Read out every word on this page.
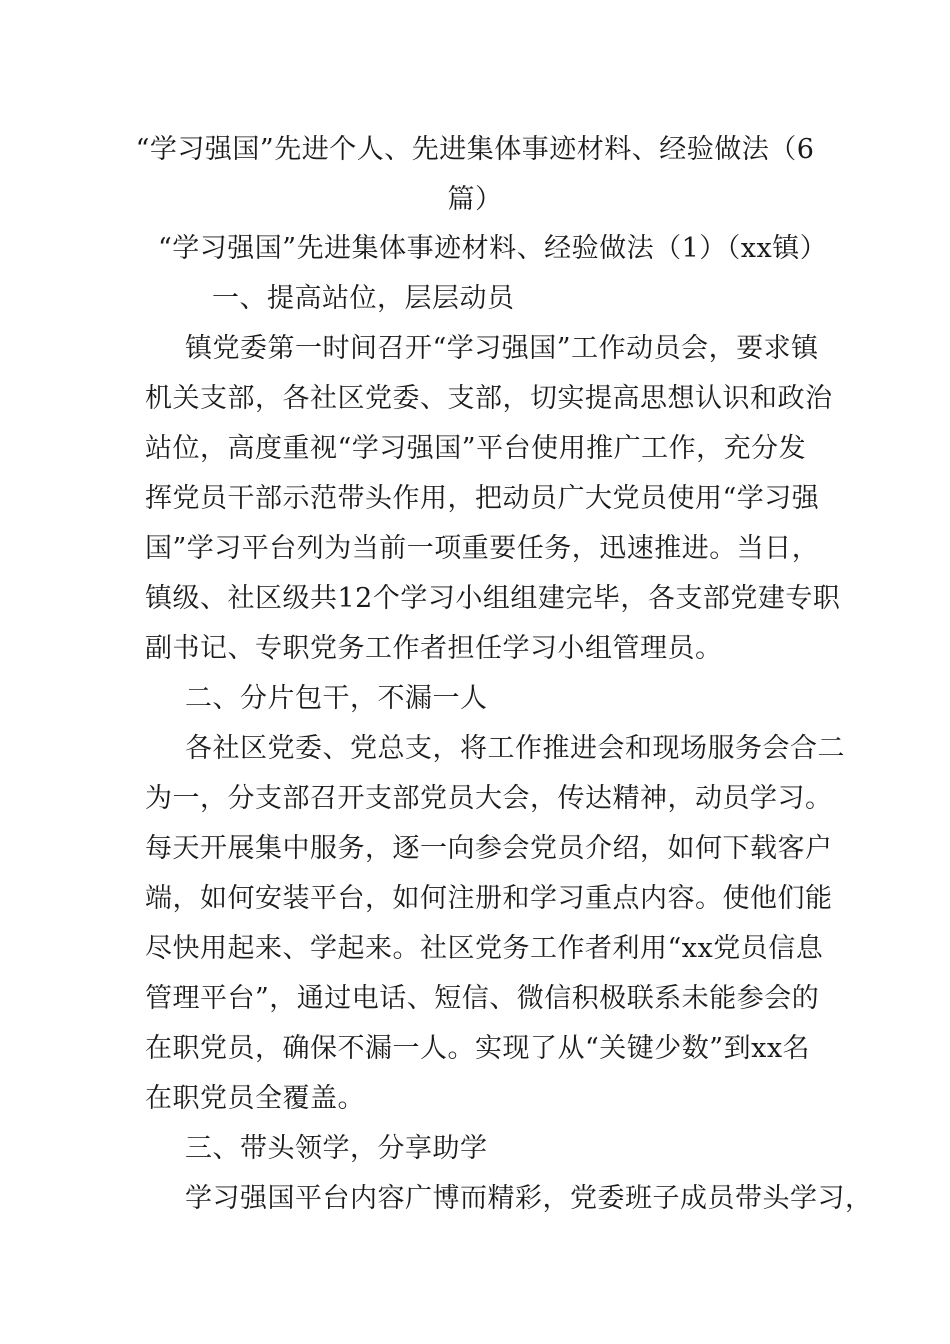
“学习强国”先进个人、先进集体事迹材料、经验做法（6
篇）
“学习强国”先进集体事迹材料、经验做法（1）（xx镇）
一、提高站位，层层动员
镇党委第一时间召开“学习强国”工作动员会，要求镇
机关支部，各社区党委、支部，切实提高思想认识和政治
站位，高度重视“学习强国”平台使用推广工作，充分发
挥党员干部示范带头作用，把动员广大党员使用“学习强
国”学习平台列为当前一项重要任务，迅速推进。当日，
镇级、社区级共12个学习小组组建完毕，各支部党建专职
副书记、专职党务工作者担任学习小组管理员。
二、分片包干，不漏一人
各社区党委、党总支，将工作推进会和现场服务会合二
为一，分支部召开支部党员大会，传达精神，动员学习。
每天开展集中服务，逐一向参会党员介绍，如何下载客户
端，如何安装平台，如何注册和学习重点内容。使他们能
尽快用起来、学起来。社区党务工作者利用“xx党员信息
管理平台”，通过电话、短信、微信积极联系未能参会的
在职党员，确保不漏一人。实现了从“关键少数”到xx名
在职党员全覆盖。
三、带头领学，分享助学
学习强国平台内容广博而精彩，党委班子成员带头学习，
